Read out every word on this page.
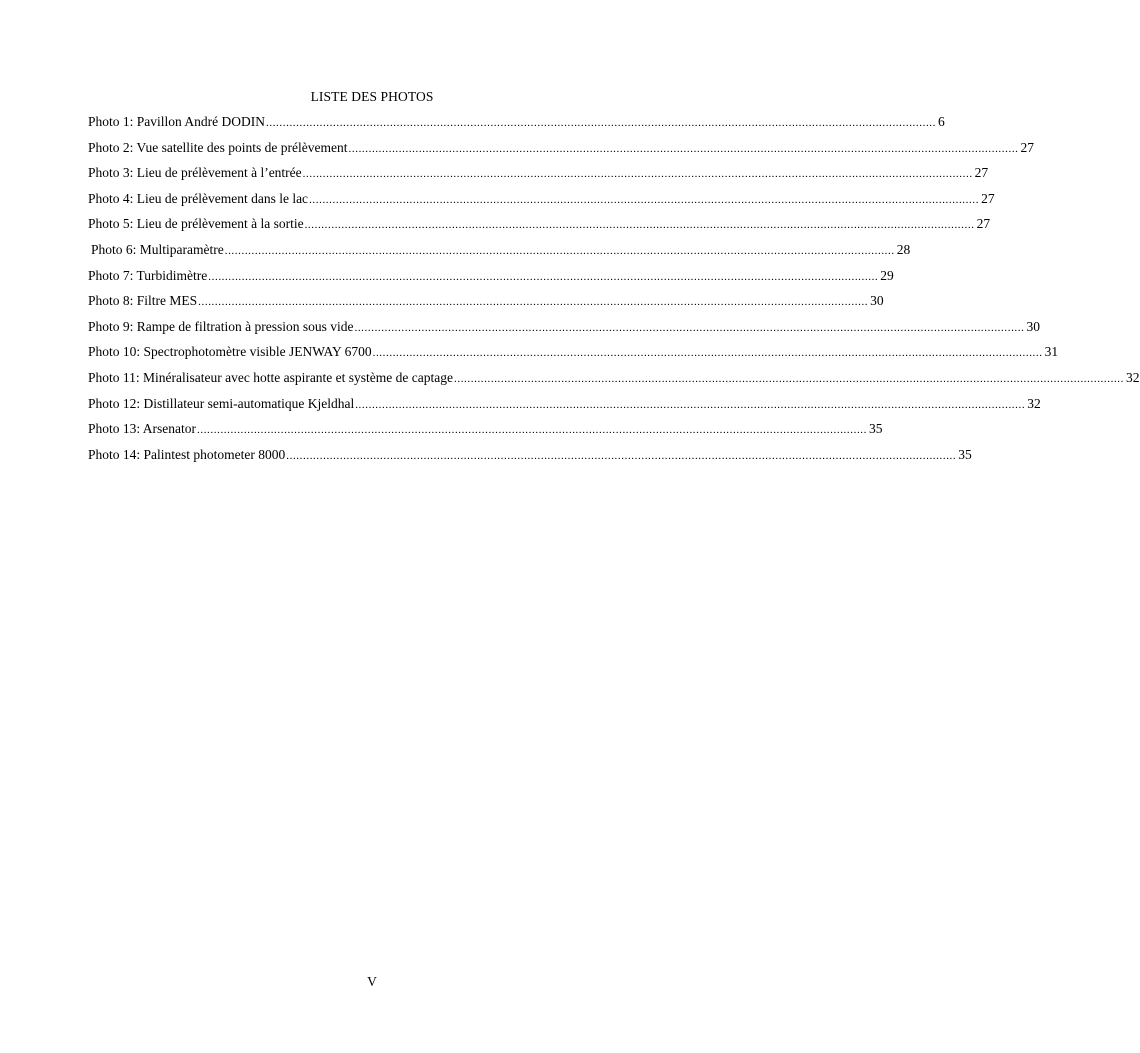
LISTE DES PHOTOS
Photo 1: Pavillon André DODIN ........................................................................................................................................................................................................ 6
Photo 2: Vue satellite des points de prélèvement ........................................................................................................................................................................................................ 27
Photo 3: Lieu de prélèvement à l’entrée ........................................................................................................................................................................................................ 27
Photo 4: Lieu de prélèvement dans le lac ........................................................................................................................................................................................................ 27
Photo 5: Lieu de prélèvement à la sortie ........................................................................................................................................................................................................ 27
Photo 6: Multiparamètre ........................................................................................................................................................................................................ 28
Photo 7: Turbidimètre ........................................................................................................................................................................................................ 29
Photo 8: Filtre MES ........................................................................................................................................................................................................ 30
Photo 9: Rampe de filtration à pression sous vide ........................................................................................................................................................................................................ 30
Photo 10: Spectrophotomètre visible JENWAY 6700 ........................................................................................................................................................................................................ 31
Photo 11: Minéralisateur avec hotte aspirante et système de captage ........................................................................................................................................................................................................ 32
Photo 12: Distillateur semi-automatique Kjeldhal ........................................................................................................................................................................................................ 32
Photo 13: Arsenator ........................................................................................................................................................................................................ 35
Photo 14: Palintest photometer 8000 ........................................................................................................................................................................................................ 35
V
